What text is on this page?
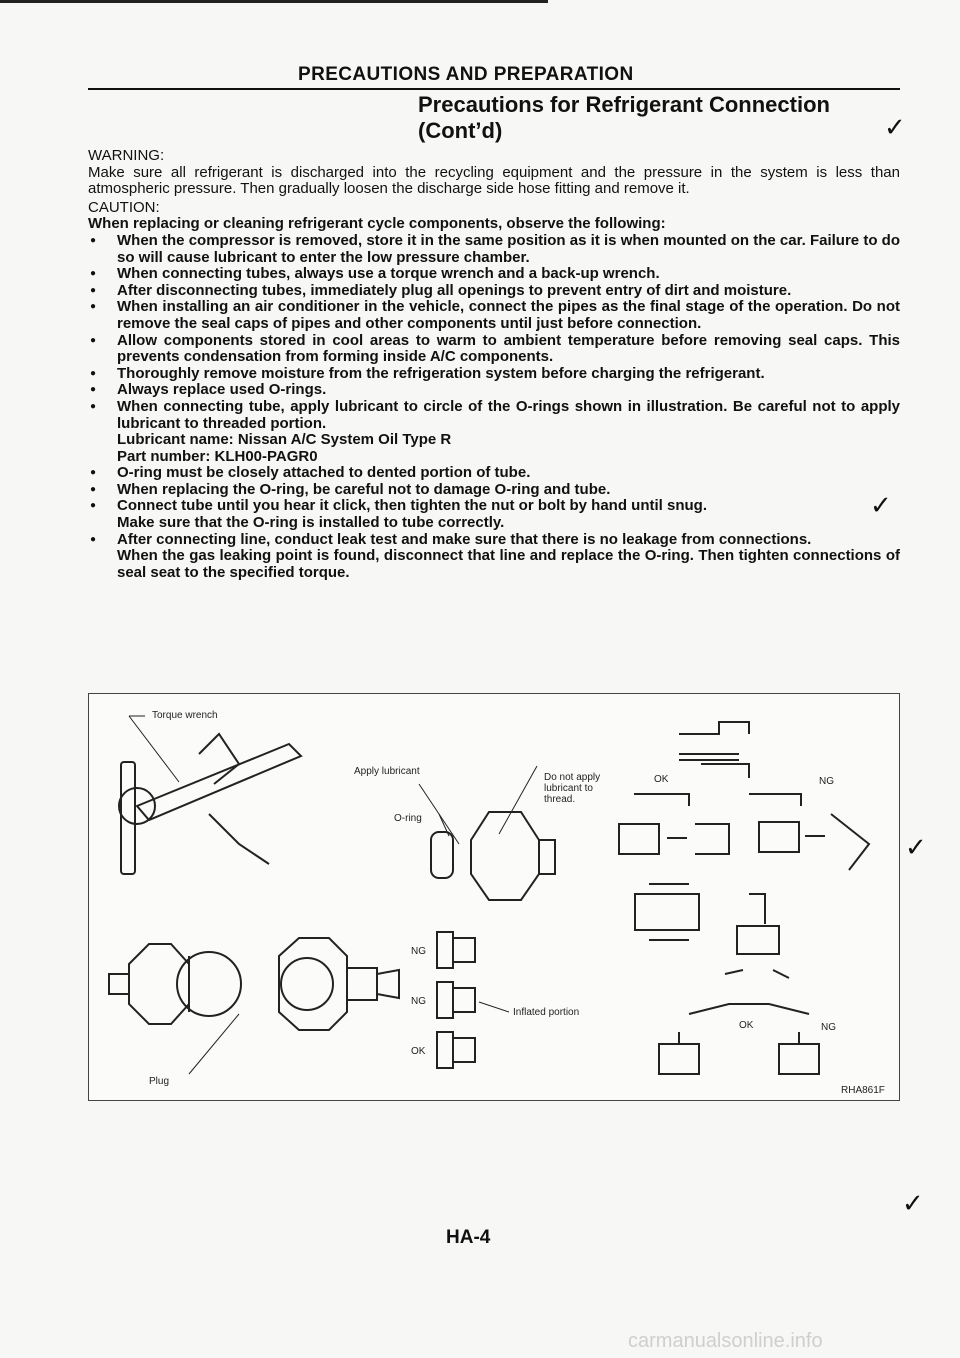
PRECAUTIONS AND PREPARATION
Precautions for Refrigerant Connection
(Cont’d)	✓

WARNING:

Make sure all refrigerant is discharged into the recycling equipment and the pressure in the system is less than atmospheric pressure. Then gradually loosen the discharge side hose fitting and remove it.

CAUTION:

When replacing or cleaning refrigerant cycle components, observe the following:

● When the compressor is removed, store it in the same position as it is when mounted on the car. Failure to do so will cause lubricant to enter the low pressure chamber.
● When connecting tubes, always use a torque wrench and a back-up wrench.
● After disconnecting tubes, immediately plug all openings to prevent entry of dirt and moisture.
● When installing an air conditioner in the vehicle, connect the pipes as the final stage of the operation. Do not remove the seal caps of pipes and other components until just before connection.
● Allow components stored in cool areas to warm to ambient temperature before removing seal caps. This prevents condensation from forming inside A/C components.
● Thoroughly remove moisture from the refrigeration system before charging the refrigerant.
● Always replace used O-rings.
● When connecting tube, apply lubricant to circle of the O-rings shown in illustration. Be careful not to apply lubricant to threaded portion.
Lubricant name: Nissan A/C System Oil Type R
Part number: KLH00-PAGR0
● O-ring must be closely attached to dented portion of tube.
● When replacing the O-ring, be careful not to damage O-ring and tube.
● Connect tube until you hear it click, then tighten the nut or bolt by hand until snug.
Make sure that the O-ring is installed to tube correctly.
● After connecting line, conduct leak test and make sure that there is no leakage from connections.
When the gas leaking point is found, disconnect that line and replace the O-ring. Then tighten connections of seal seat to the specified torque.
✓
Torque wrench
Apply lubricant
O-ring
Do not apply
lubricant to
thread.
OK	NG
NG
NG
OK
Inflated portion
OK	NG
Plug
RHA861F
✓
✓
HA-4
carmanualsonline.info
